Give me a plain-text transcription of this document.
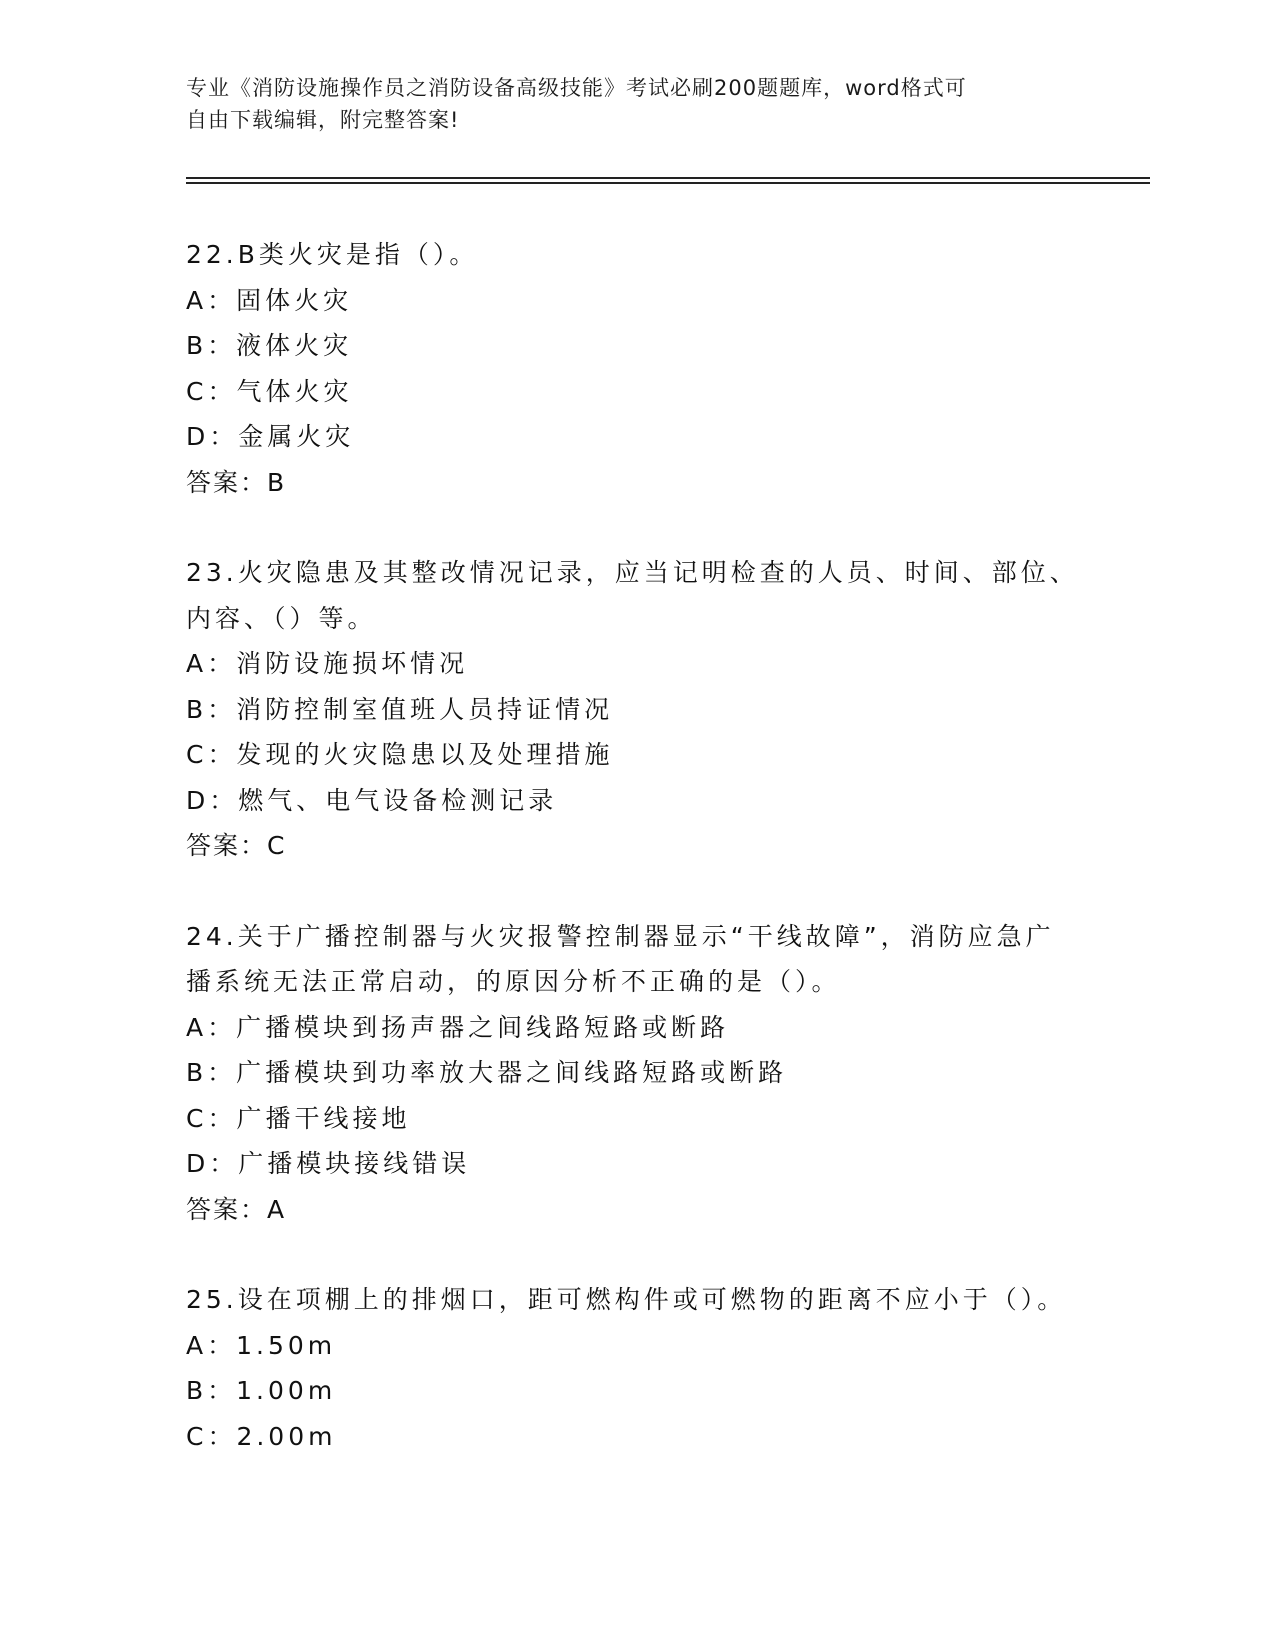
专业《消防设施操作员之消防设备高级技能》考试必刷200题题库，word格式可
自由下载编辑，附完整答案!
22.B类火灾是指（）。
A：固体火灾
B：液体火灾
C：气体火灾
D：金属火灾
答案：B
23.火灾隐患及其整改情况记录，应当记明检查的人员、时间、部位、
内容、（）等。
A：消防设施损坏情况
B：消防控制室值班人员持证情况
C：发现的火灾隐患以及处理措施
D：燃气、电气设备检测记录
答案：C
24.关于广播控制器与火灾报警控制器显示“干线故障”，消防应急广
播系统无法正常启动，的原因分析不正确的是（）。
A：广播模块到扬声器之间线路短路或断路
B：广播模块到功率放大器之间线路短路或断路
C：广播干线接地
D：广播模块接线错误
答案：A
25.设在项棚上的排烟口，距可燃构件或可燃物的距离不应小于（）。
A：1.50m
B：1.00m
C：2.00m
